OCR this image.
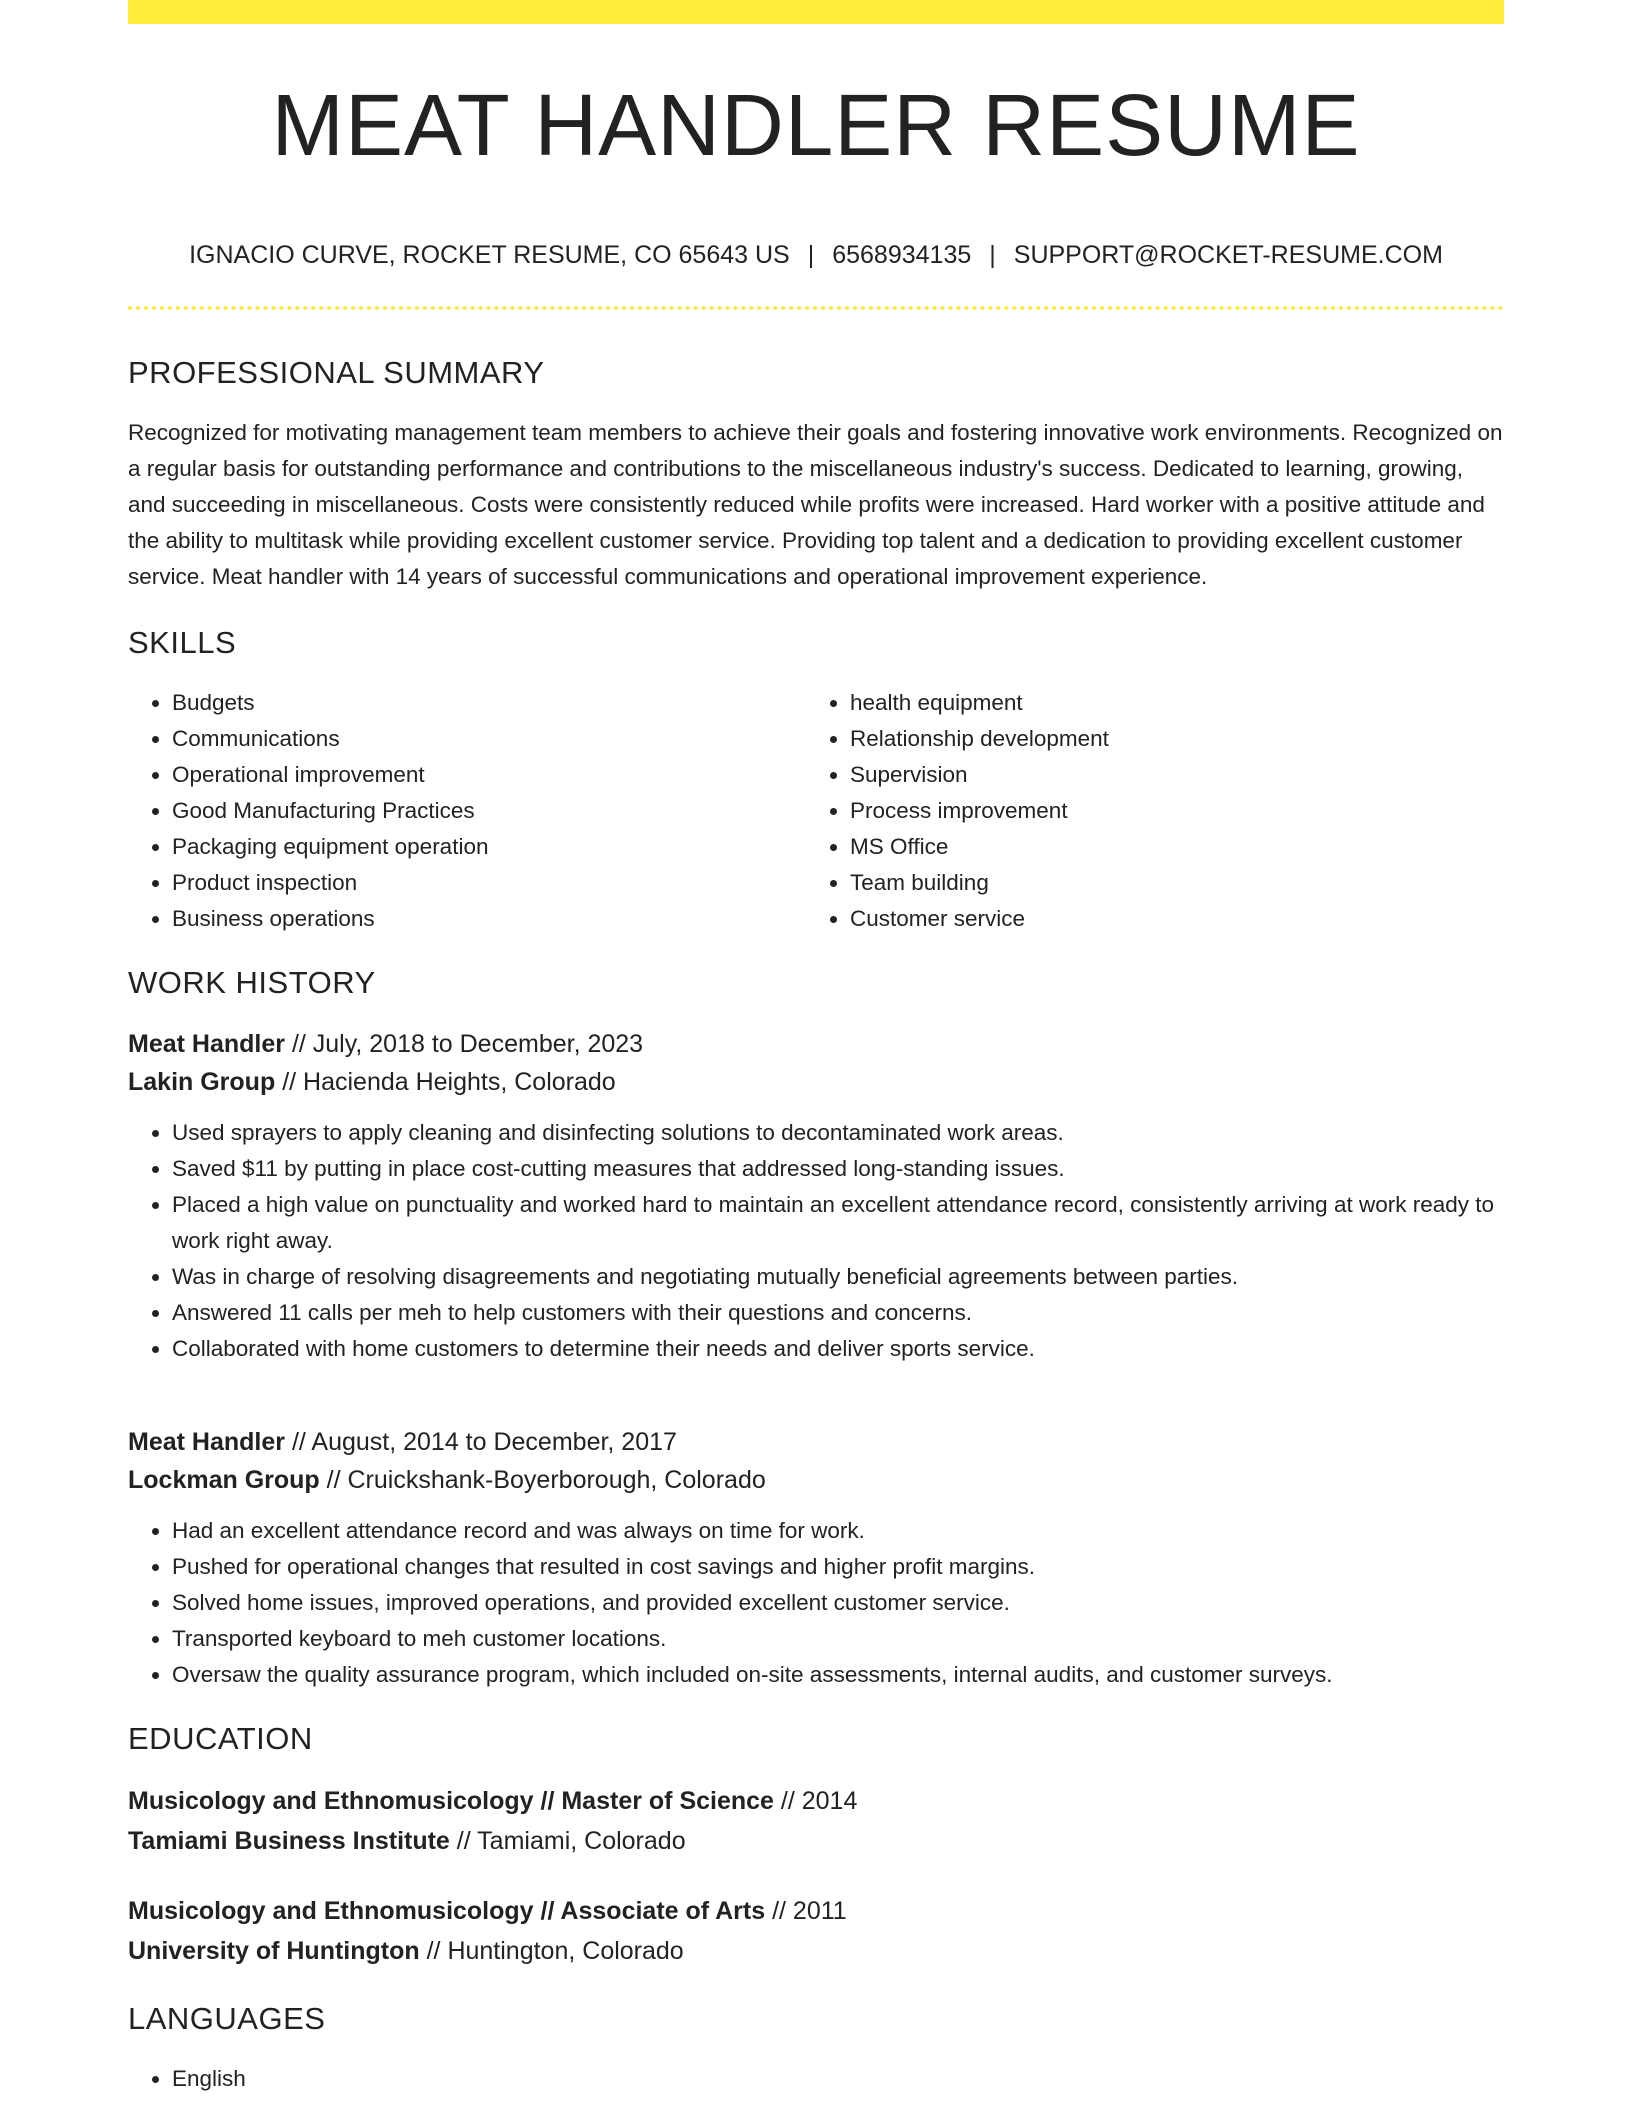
MEAT HANDLER RESUME
IGNACIO CURVE, ROCKET RESUME, CO 65643 US | 6568934135 | SUPPORT@ROCKET-RESUME.COM
PROFESSIONAL SUMMARY
Recognized for motivating management team members to achieve their goals and fostering innovative work environments. Recognized on a regular basis for outstanding performance and contributions to the miscellaneous industry's success. Dedicated to learning, growing, and succeeding in miscellaneous. Costs were consistently reduced while profits were increased. Hard worker with a positive attitude and the ability to multitask while providing excellent customer service. Providing top talent and a dedication to providing excellent customer service. Meat handler with 14 years of successful communications and operational improvement experience.
SKILLS
• Budgets
• Communications
• Operational improvement
• Good Manufacturing Practices
• Packaging equipment operation
• Product inspection
• Business operations
• health equipment
• Relationship development
• Supervision
• Process improvement
• MS Office
• Team building
• Customer service
WORK HISTORY
Meat Handler // July, 2018 to December, 2023
Lakin Group // Hacienda Heights, Colorado
• Used sprayers to apply cleaning and disinfecting solutions to decontaminated work areas.
• Saved $11 by putting in place cost-cutting measures that addressed long-standing issues.
• Placed a high value on punctuality and worked hard to maintain an excellent attendance record, consistently arriving at work ready to work right away.
• Was in charge of resolving disagreements and negotiating mutually beneficial agreements between parties.
• Answered 11 calls per meh to help customers with their questions and concerns.
• Collaborated with home customers to determine their needs and deliver sports service.
Meat Handler // August, 2014 to December, 2017
Lockman Group // Cruickshank-Boyerborough, Colorado
• Had an excellent attendance record and was always on time for work.
• Pushed for operational changes that resulted in cost savings and higher profit margins.
• Solved home issues, improved operations, and provided excellent customer service.
• Transported keyboard to meh customer locations.
• Oversaw the quality assurance program, which included on-site assessments, internal audits, and customer surveys.
EDUCATION
Musicology and Ethnomusicology // Master of Science // 2014
Tamiami Business Institute // Tamiami, Colorado
Musicology and Ethnomusicology // Associate of Arts // 2011
University of Huntington // Huntington, Colorado
LANGUAGES
• English
